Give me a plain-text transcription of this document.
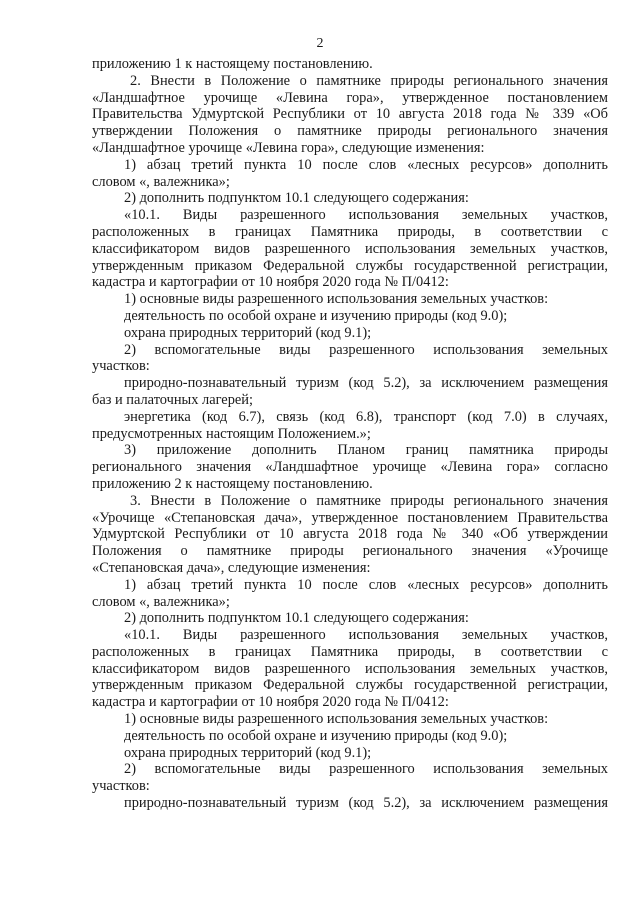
2
приложению 1 к настоящему постановлению.
2. Внести в Положение о памятнике природы регионального значения
«Ландшафтное урочище «Левина гора», утвержденное постановлением
Правительства Удмуртской Республики от 10 августа 2018 года № 339 «Об
утверждении Положения о памятнике природы регионального значения
«Ландшафтное урочище «Левина гора», следующие изменения:
1) абзац третий пункта 10 после слов «лесных ресурсов» дополнить
словом «, валежника»;
2) дополнить подпунктом 10.1 следующего содержания:
«10.1. Виды разрешенного использования земельных участков,
расположенных в границах Памятника природы, в соответствии с
классификатором видов разрешенного использования земельных участков,
утвержденным приказом Федеральной службы государственной регистрации,
кадастра и картографии от 10 ноября 2020 года № П/0412:
1) основные виды разрешенного использования земельных участков:
деятельность по особой охране и изучению природы (код 9.0);
охрана природных территорий (код 9.1);
2) вспомогательные виды разрешенного использования земельных
участков:
природно-познавательный туризм (код 5.2), за исключением размещения
баз и палаточных лагерей;
энергетика (код 6.7), связь (код 6.8), транспорт (код 7.0) в случаях,
предусмотренных настоящим Положением.»;
3) приложение дополнить Планом границ памятника природы
регионального значения «Ландшафтное урочище «Левина гора» согласно
приложению 2 к настоящему постановлению.
3. Внести в Положение о памятнике природы регионального значения
«Урочище «Степановская дача», утвержденное постановлением Правительства
Удмуртской Республики от 10 августа 2018 года № 340 «Об утверждении
Положения о памятнике природы регионального значения «Урочище
«Степановская дача», следующие изменения:
1) абзац третий пункта 10 после слов «лесных ресурсов» дополнить
словом «, валежника»;
2) дополнить подпунктом 10.1 следующего содержания:
«10.1. Виды разрешенного использования земельных участков,
расположенных в границах Памятника природы, в соответствии с
классификатором видов разрешенного использования земельных участков,
утвержденным приказом Федеральной службы государственной регистрации,
кадастра и картографии от 10 ноября 2020 года № П/0412:
1) основные виды разрешенного использования земельных участков:
деятельность по особой охране и изучению природы (код 9.0);
охрана природных территорий (код 9.1);
2) вспомогательные виды разрешенного использования земельных
участков:
природно-познавательный туризм (код 5.2), за исключением размещения
